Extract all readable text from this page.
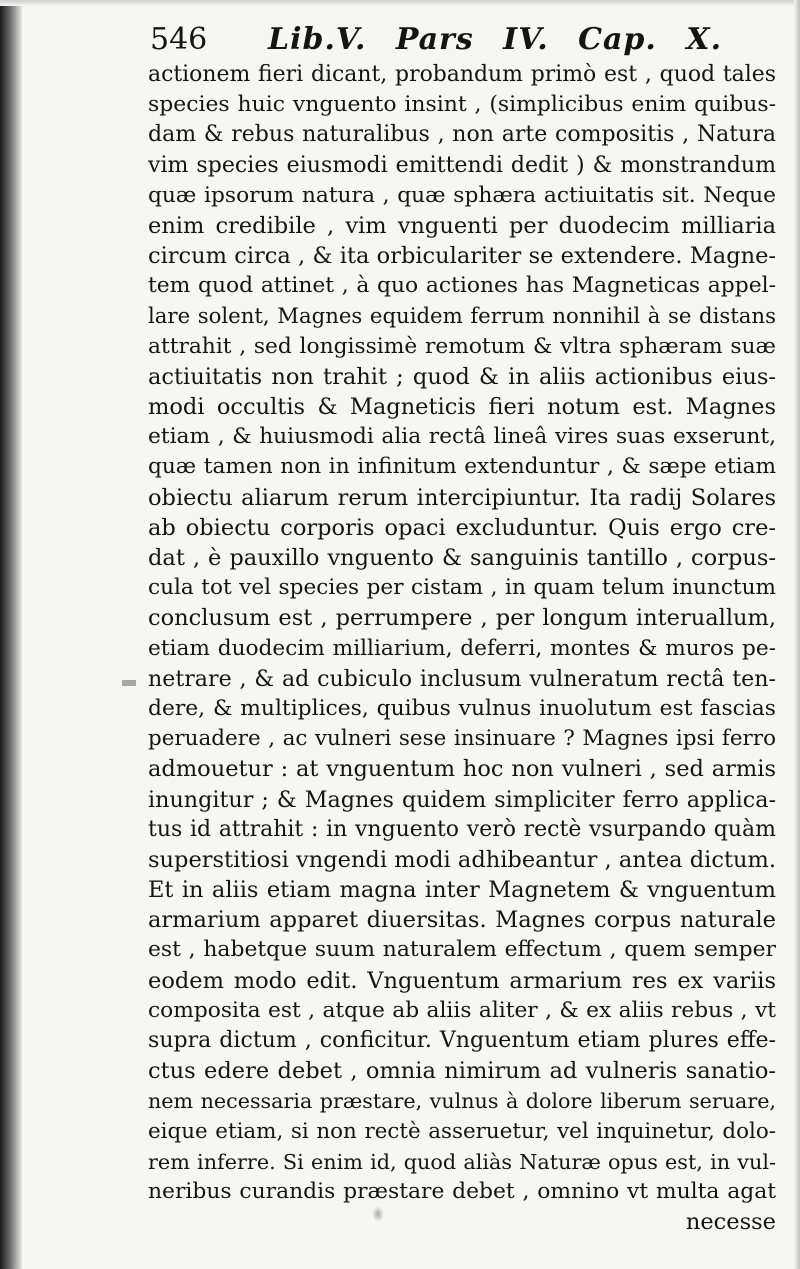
546 Lib.V. Pars IV. Cap. X.
actionem fieri dicant, probandum primò est , quod tales
species huic vnguento insint , (simplicibus enim quibus-
dam & rebus naturalibus , non arte compositis , Natura
vim species eiusmodi emittendi dedit ) & monstrandum
quæ ipsorum natura , quæ sphæra actiuitatis sit. Neque
enim credibile , vim vnguenti per duodecim milliaria
circum circa , & ita orbiculariter se extendere. Magne-
tem quod attinet , à quo actiones has Magneticas appel-
lare solent, Magnes equidem ferrum nonnihil à se distans
attrahit , sed longissimè remotum & vltra sphæram suæ
actiuitatis non trahit ; quod & in aliis actionibus eius-
modi occultis & Magneticis fieri notum est. Magnes
etiam , & huiusmodi alia rectâ lineâ vires suas exserunt,
quæ tamen non in infinitum extenduntur , & sæpe etiam
obiectu aliarum rerum intercipiuntur. Ita radij Solares
ab obiectu corporis opaci excluduntur. Quis ergo cre-
dat , è pauxillo vnguento & sanguinis tantillo , corpus-
cula tot vel species per cistam , in quam telum inunctum
conclusum est , perrumpere , per longum interuallum,
etiam duodecim milliarium, deferri, montes & muros pe-
netrare , & ad cubiculo inclusum vulneratum rectâ ten-
dere, & multiplices, quibus vulnus inuolutum est fascias
peruadere , ac vulneri sese insinuare ? Magnes ipsi ferro
admouetur : at vnguentum hoc non vulneri , sed armis
inungitur ; & Magnes quidem simpliciter ferro applica-
tus id attrahit : in vnguento verò rectè vsurpando quàm
superstitiosi vngendi modi adhibeantur , antea dictum.
Et in aliis etiam magna inter Magnetem & vnguentum
armarium apparet diuersitas. Magnes corpus naturale
est , habetque suum naturalem effectum , quem semper
eodem modo edit. Vnguentum armarium res ex variis
composita est , atque ab aliis aliter , & ex aliis rebus , vt
supra dictum , conficitur. Vnguentum etiam plures effe-
ctus edere debet , omnia nimirum ad vulneris sanatio-
nem necessaria præstare, vulnus à dolore liberum seruare,
eique etiam, si non rectè asseruetur, vel inquinetur, dolo-
rem inferre. Si enim id, quod aliàs Naturæ opus est, in vul-
neribus curandis præstare debet , omnino vt multa agat
necesse
